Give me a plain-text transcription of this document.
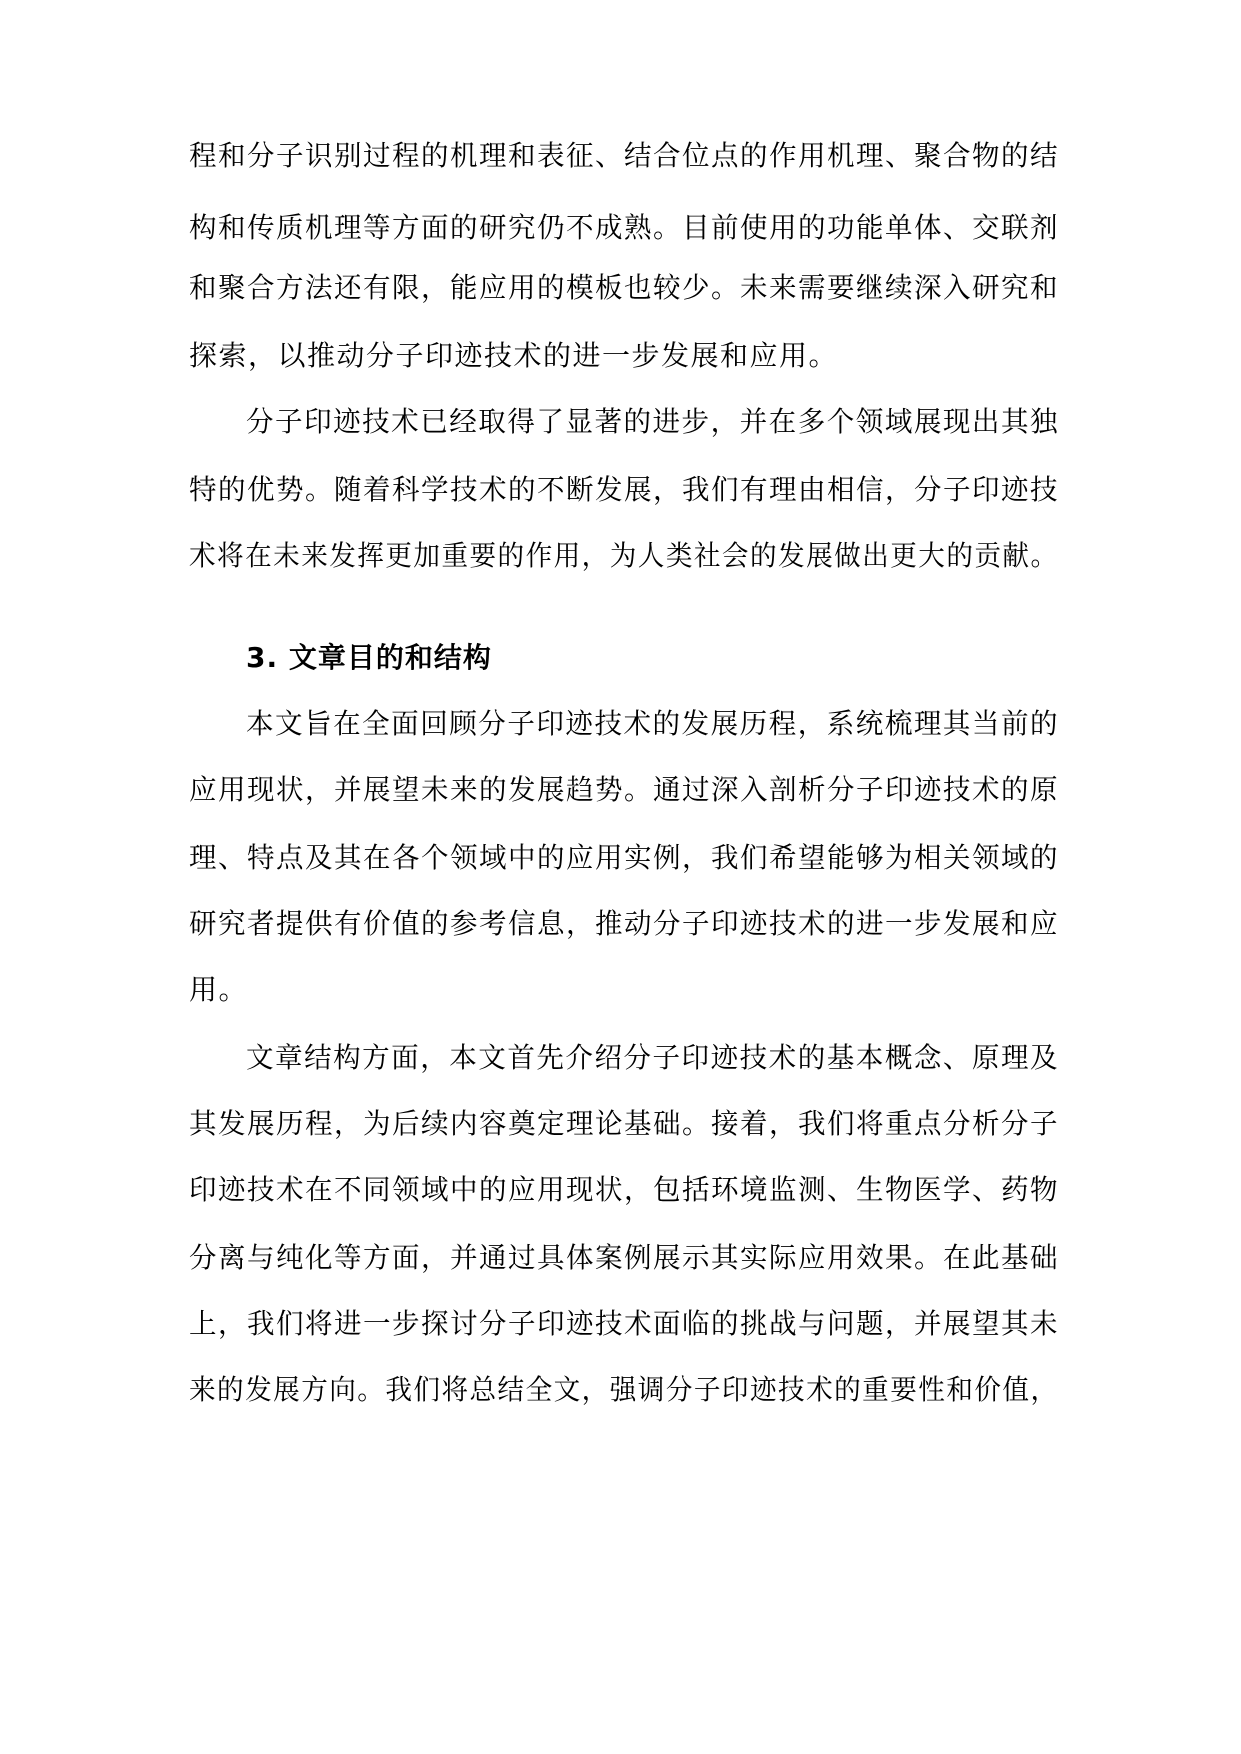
程和分子识别过程的机理和表征、结合位点的作用机理、聚合物的结
构和传质机理等方面的研究仍不成熟。目前使用的功能单体、交联剂
和聚合方法还有限，能应用的模板也较少。未来需要继续深入研究和
探索，以推动分子印迹技术的进一步发展和应用。
分子印迹技术已经取得了显著的进步，并在多个领域展现出其独
特的优势。随着科学技术的不断发展，我们有理由相信，分子印迹技
术将在未来发挥更加重要的作用，为人类社会的发展做出更大的贡献。
3. 文章目的和结构
本文旨在全面回顾分子印迹技术的发展历程，系统梳理其当前的
应用现状，并展望未来的发展趋势。通过深入剖析分子印迹技术的原
理、特点及其在各个领域中的应用实例，我们希望能够为相关领域的
研究者提供有价值的参考信息，推动分子印迹技术的进一步发展和应
用。
文章结构方面，本文首先介绍分子印迹技术的基本概念、原理及
其发展历程，为后续内容奠定理论基础。接着，我们将重点分析分子
印迹技术在不同领域中的应用现状，包括环境监测、生物医学、药物
分离与纯化等方面，并通过具体案例展示其实际应用效果。在此基础
上，我们将进一步探讨分子印迹技术面临的挑战与问题，并展望其未
来的发展方向。我们将总结全文，强调分子印迹技术的重要性和价值，
